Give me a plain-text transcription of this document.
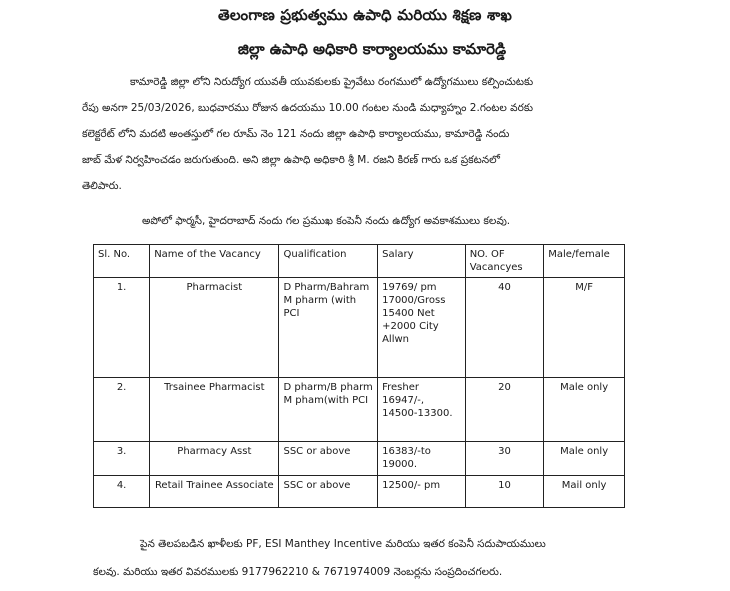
తెలంగాణ ప్రభుత్వము ఉపాధి మరియు శిక్షణ శాఖ
జిల్లా ఉపాధి అధికారి కార్యాలయము కామారెడ్డి
కామారెడ్డి జిల్లా లోని నిరుద్యోగ యువతీ యువకులకు ప్రైవేటు రంగములో ఉద్యోగములు కల్పించుటకు
రేపు అనగా 25/03/2026, బుధవారము రోజున ఉదయము 10.00 గంటల నుండి మధ్యాహ్నం 2.గంటల వరకు
కలెక్టరేట్ లోని మదటి అంతస్తులో గల రూమ్ నెం 121 నందు జిల్లా ఉపాధి కార్యాలయము, కామారెడ్డి నందు
జాబ్ మేళ నిర్వహించడం జరుగుతుంది. అని జిల్లా ఉపాధి అధికారి శ్రీ M. రజని కిరణ్ గారు ఒక ప్రకటనలో
తెలిపారు.
అపోలో ఫార్మసీ, హైదరాబాద్ నందు గల ప్రముఖ కంపెనీ నందు ఉద్యోగ అవకాశములు కలవు.
Sl. No.	Name of the Vacancy	Qualification	Salary	NO. OF Vacancyes	Male/female
1.	Pharmacist	D Pharm/Bahram M pharm (with PCI	19769/ pm 17000/Gross 15400 Net +2000 City Allwn	40	M/F
2.	Trsainee Pharmacist	D pharm/B pharm M pham(with PCI	Fresher 16947/-, 14500-13300.	20	Male only
3.	Pharmacy Asst	SSC or above	16383/-to 19000.	30	Male only
4.	Retail Trainee Associate	SSC or above	12500/- pm	10	Mail only
పైన తెలపబడిన ఖాళీలకు PF, ESI Manthey Incentive మరియు ఇతర కంపెనీ సదుపాయములు
కలవు. మరియు ఇతర వివరములకు 9177962210 & 7671974009 నెంబర్లను సంప్రదించగలరు.
